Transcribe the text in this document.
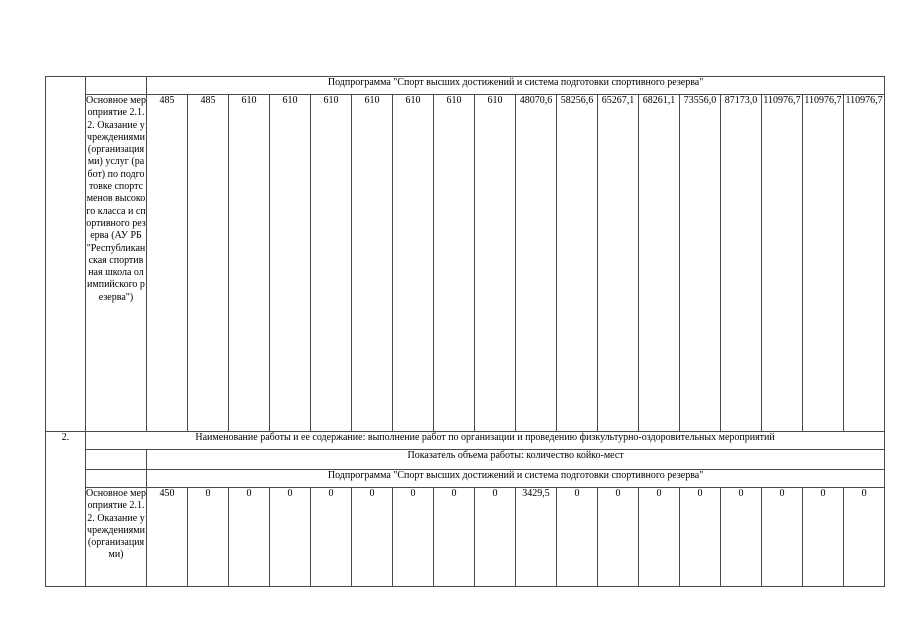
		Подпрограмма "Спорт высших достижений и система подготовки спортивного резерва"																	
	Основное мероприятие 2.1.2. Оказание учреждениями (организациями) услуг (работ) по подготовке спортсменов высокого класса и спортивного резерва (АУ РБ "Республиканская спортивная школа олимпийского резерва")	485	485	610	610	610	610	610	610	610	48070,6	58256,6	65267,1	68261,1	73556,0	87173,0	110976,7	110976,7	110976,7
2.	Наименование работы и ее содержание: выполнение работ по организации и проведению физкультурно-оздоровительных мероприятий																		
		Показатель объема работы: количество койко-мест																	
		Подпрограмма "Спорт высших достижений и система подготовки спортивного резерва"																	
	Основное мероприятие 2.1.2. Оказание учреждениями (организациями)	450	0	0	0	0	0	0	0	0	3429,5	0	0	0	0	0	0	0	0
